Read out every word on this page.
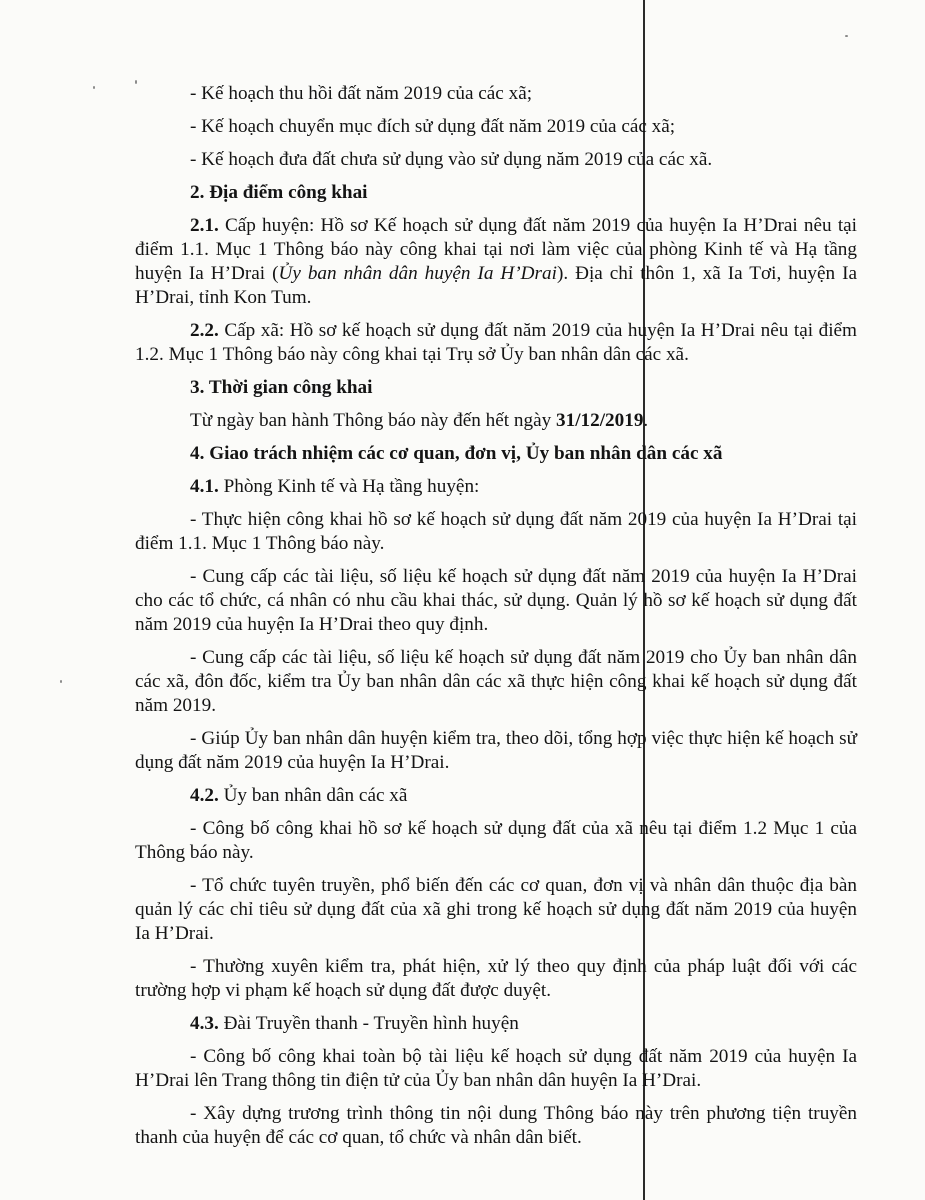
- Kế hoạch thu hồi đất năm 2019 của các xã;

- Kế hoạch chuyển mục đích sử dụng đất năm 2019 của các xã;

- Kế hoạch đưa đất chưa sử dụng vào sử dụng năm 2019 của các xã.

2. Địa điểm công khai

2.1. Cấp huyện: Hồ sơ Kế hoạch sử dụng đất năm 2019 của huyện Ia H’Drai nêu tại điểm 1.1. Mục 1 Thông báo này công khai tại nơi làm việc của phòng Kinh tế và Hạ tầng huyện Ia H’Drai (Ủy ban nhân dân huyện Ia H’Drai). Địa chỉ thôn 1, xã Ia Tơi, huyện Ia H’Drai, tỉnh Kon Tum.

2.2. Cấp xã: Hồ sơ kế hoạch sử dụng đất năm 2019 của huyện Ia H’Drai nêu tại điểm 1.2. Mục 1 Thông báo này công khai tại Trụ sở Ủy ban nhân dân các xã.

3. Thời gian công khai

Từ ngày ban hành Thông báo này đến hết ngày 31/12/2019.

4. Giao trách nhiệm các cơ quan, đơn vị, Ủy ban nhân dân các xã

4.1. Phòng Kinh tế và Hạ tầng huyện:

- Thực hiện công khai hồ sơ kế hoạch sử dụng đất năm 2019 của huyện Ia H’Drai tại điểm 1.1. Mục 1 Thông báo này.

- Cung cấp các tài liệu, số liệu kế hoạch sử dụng đất năm 2019 của huyện Ia H’Drai cho các tổ chức, cá nhân có nhu cầu khai thác, sử dụng. Quản lý hồ sơ kế hoạch sử dụng đất năm 2019 của huyện Ia H’Drai theo quy định.

- Cung cấp các tài liệu, số liệu kế hoạch sử dụng đất năm 2019 cho Ủy ban nhân dân các xã, đôn đốc, kiểm tra Ủy ban nhân dân các xã thực hiện công khai kế hoạch sử dụng đất năm 2019.

- Giúp Ủy ban nhân dân huyện kiểm tra, theo dõi, tổng hợp việc thực hiện kế hoạch sử dụng đất năm 2019 của huyện Ia H’Drai.

4.2. Ủy ban nhân dân các xã

- Công bố công khai hồ sơ kế hoạch sử dụng đất của xã nêu tại điểm 1.2 Mục 1 của Thông báo này.

- Tổ chức tuyên truyền, phổ biến đến các cơ quan, đơn vị và nhân dân thuộc địa bàn quản lý các chỉ tiêu sử dụng đất của xã ghi trong kế hoạch sử dụng đất năm 2019 của huyện Ia H’Drai.

- Thường xuyên kiểm tra, phát hiện, xử lý theo quy định của pháp luật đối với các trường hợp vi phạm kế hoạch sử dụng đất được duyệt.

4.3. Đài Truyền thanh - Truyền hình huyện

- Công bố công khai toàn bộ tài liệu kế hoạch sử dụng đất năm 2019 của huyện Ia H’Drai lên Trang thông tin điện tử của Ủy ban nhân dân huyện Ia H’Drai.

- Xây dựng trương trình thông tin nội dung Thông báo này trên phương tiện truyền thanh của huyện để các cơ quan, tổ chức và nhân dân biết.
